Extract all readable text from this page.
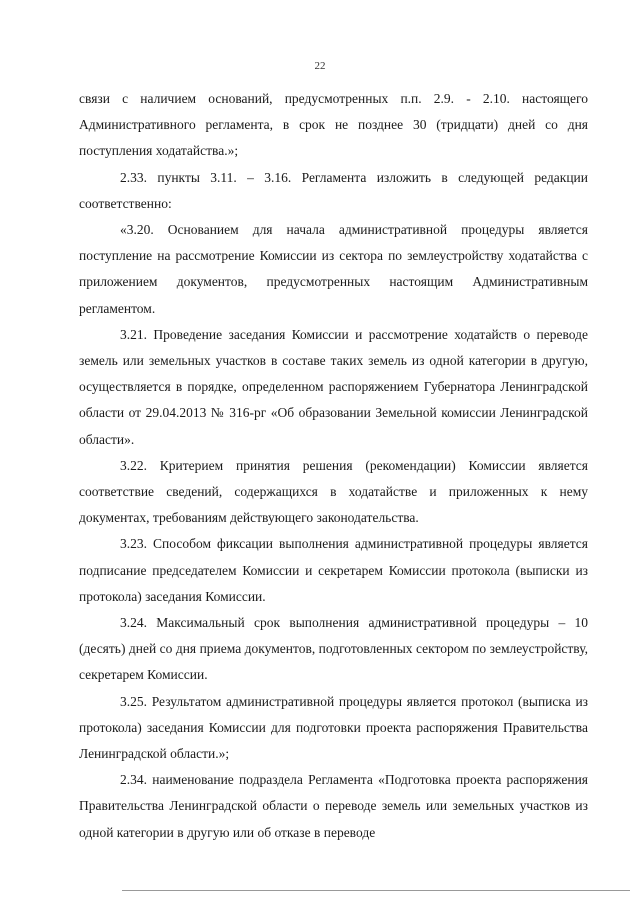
22

связи с наличием оснований, предусмотренных п.п. 2.9. - 2.10. настоящего Административного регламента, в срок не позднее 30 (тридцати) дней со дня поступления ходатайства.»;

2.33. пункты 3.11. – 3.16. Регламента изложить в следующей редакции соответственно:

«3.20. Основанием для начала административной процедуры является поступление на рассмотрение Комиссии из сектора по землеустройству ходатайства с приложением документов, предусмотренных настоящим Административным регламентом.

3.21. Проведение заседания Комиссии и рассмотрение ходатайств о переводе земель или земельных участков в составе таких земель из одной категории в другую, осуществляется в порядке, определенном распоряжением Губернатора Ленинградской области от 29.04.2013 № 316-рг «Об образовании Земельной комиссии Ленинградской области».

3.22. Критерием принятия решения (рекомендации) Комиссии является соответствие сведений, содержащихся в ходатайстве и приложенных к нему документах, требованиям действующего законодательства.

3.23. Способом фиксации выполнения административной процедуры является подписание председателем Комиссии и секретарем Комиссии протокола (выписки из протокола) заседания Комиссии.

3.24. Максимальный срок выполнения административной процедуры – 10 (десять) дней со дня приема документов, подготовленных сектором по землеустройству, секретарем Комиссии.

3.25. Результатом административной процедуры является протокол (выписка из протокола) заседания Комиссии для подготовки проекта распоряжения Правительства Ленинградской области.»;

2.34. наименование подраздела Регламента «Подготовка проекта распоряжения Правительства Ленинградской области о переводе земель или земельных участков из одной категории в другую или об отказе в переводе
